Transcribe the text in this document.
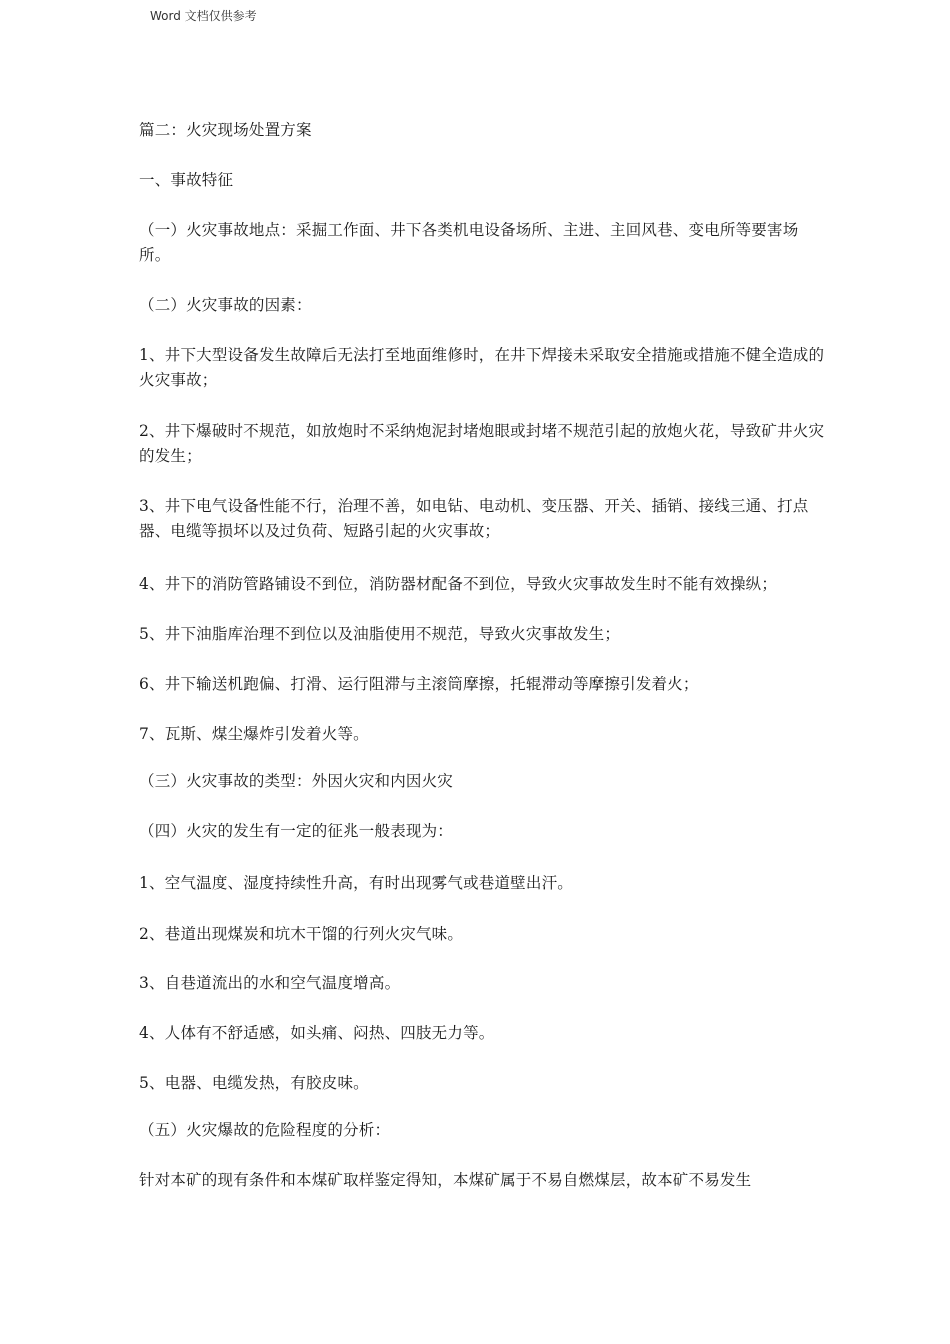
Word 文档仅供参考

篇二：火灾现场处置方案

一、事故特征

（一）火灾事故地点：采掘工作面、井下各类机电设备场所、主进、主回风巷、变电所等要害场所。

（二）火灾事故的因素：

1、井下大型设备发生故障后无法打至地面维修时，在井下焊接未采取安全措施或措施不健全造成的火灾事故；

2、井下爆破时不规范，如放炮时不采纳炮泥封堵炮眼或封堵不规范引起的放炮火花，导致矿井火灾的发生；

3、井下电气设备性能不行，治理不善，如电钻、电动机、变压器、开关、插销、接线三通、打点器、电缆等损坏以及过负荷、短路引起的火灾事故；

4、井下的消防管路铺设不到位，消防器材配备不到位，导致火灾事故发生时不能有效操纵；

5、井下油脂库治理不到位以及油脂使用不规范，导致火灾事故发生；

6、井下输送机跑偏、打滑、运行阻滞与主滚筒摩擦，托辊滞动等摩擦引发着火；

7、瓦斯、煤尘爆炸引发着火等。

（三）火灾事故的类型：外因火灾和内因火灾

（四）火灾的发生有一定的征兆一般表现为：

1、空气温度、湿度持续性升高，有时出现雾气或巷道壁出汗。

2、巷道出现煤炭和坑木干馏的行列火灾气味。

3、自巷道流出的水和空气温度增高。

4、人体有不舒适感，如头痛、闷热、四肢无力等。

5、电器、电缆发热，有胶皮味。

（五）火灾爆故的危险程度的分析：

针对本矿的现有条件和本煤矿取样鉴定得知，本煤矿属于不易自燃煤层，故本矿不易发生
